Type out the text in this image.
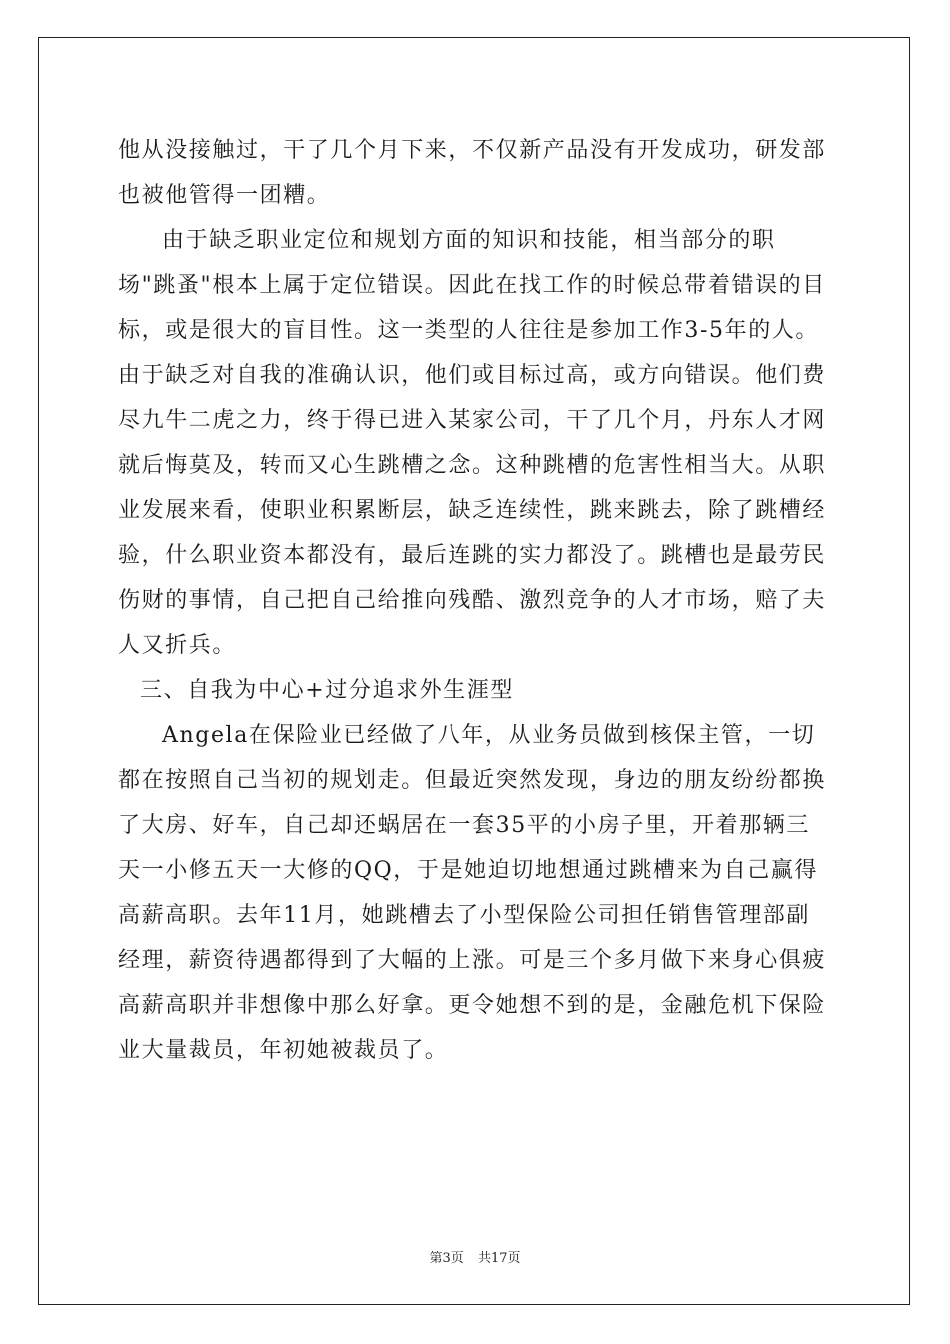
他从没接触过，干了几个月下来，不仅新产品没有开发成功，研发部
也被他管得一团糟。
由于缺乏职业定位和规划方面的知识和技能，相当部分的职
场"跳蚤"根本上属于定位错误。因此在找工作的时候总带着错误的目
标，或是很大的盲目性。这一类型的人往往是参加工作3-5年的人。
由于缺乏对自我的准确认识，他们或目标过高，或方向错误。他们费
尽九牛二虎之力，终于得已进入某家公司，干了几个月，丹东人才网
就后悔莫及，转而又心生跳槽之念。这种跳槽的危害性相当大。从职
业发展来看，使职业积累断层，缺乏连续性，跳来跳去，除了跳槽经
验，什么职业资本都没有，最后连跳的实力都没了。跳槽也是最劳民
伤财的事情，自己把自己给推向残酷、激烈竞争的人才市场，赔了夫
人又折兵。
三、自我为中心+过分追求外生涯型
Angela在保险业已经做了八年，从业务员做到核保主管，一切
都在按照自己当初的规划走。但最近突然发现，身边的朋友纷纷都换
了大房、好车，自己却还蜗居在一套35平的小房子里，开着那辆三
天一小修五天一大修的QQ，于是她迫切地想通过跳槽来为自己赢得
高薪高职。去年11月，她跳槽去了小型保险公司担任销售管理部副
经理，薪资待遇都得到了大幅的上涨。可是三个多月做下来身心俱疲
高薪高职并非想像中那么好拿。更令她想不到的是，金融危机下保险
业大量裁员，年初她被裁员了。
第3页 共17页
